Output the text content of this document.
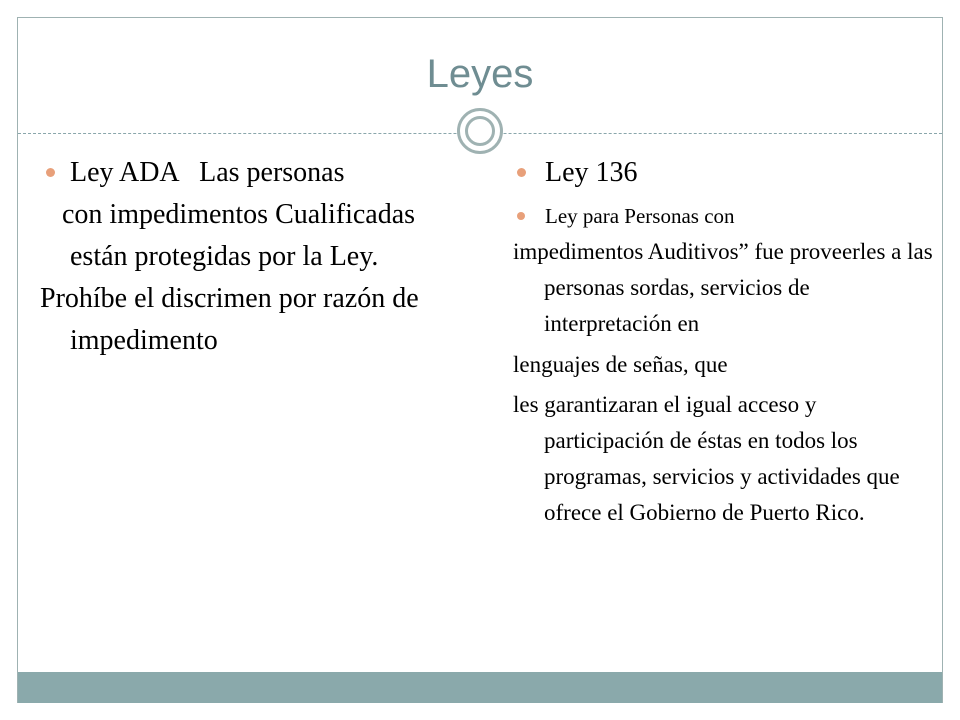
Leyes

Ley ADA   Las personas

con impedimentos Cualificadas están protegidas por la Ley.

Prohíbe el discrimen por razón de impedimento

Ley 136

Ley para Personas con

impedimentos Auditivos” fue proveerles a las personas sordas, servicios de interpretación en

lenguajes de señas, que

les garantizaran el igual acceso y participación de éstas en todos los programas, servicios y actividades que ofrece el Gobierno de Puerto Rico.
